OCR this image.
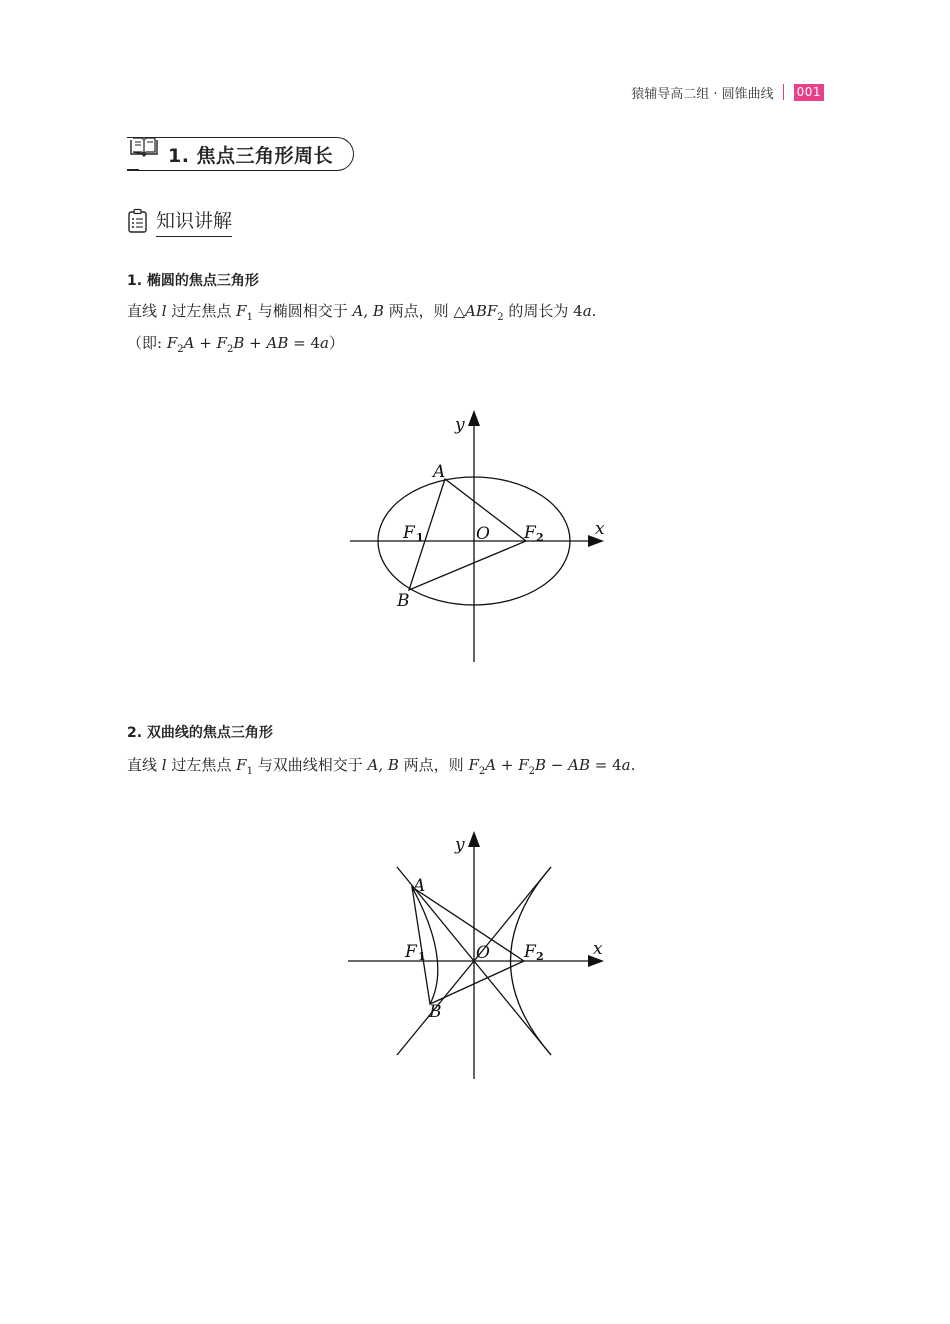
猿辅导高二组 · 圆锥曲线 001
1. 焦点三角形周长
知识讲解
1. 椭圆的焦点三角形
直线 l 过左焦点 $F_1$ 与椭圆相交于 A, B 两点，则 $\triangle ABF_2$ 的周长为 4a.
（即: $F_2A + F_2B$ + AB = 4a）
y
x
A
B
O
F 1	F 2
2. 双曲线的焦点三角形
直线 l 过左焦点 $F_1$ 与双曲线相交于 A, B 两点，则 $F_2A + F_2B$ − AB = 4a.
y
x
A
B
O
F 1	F 2
